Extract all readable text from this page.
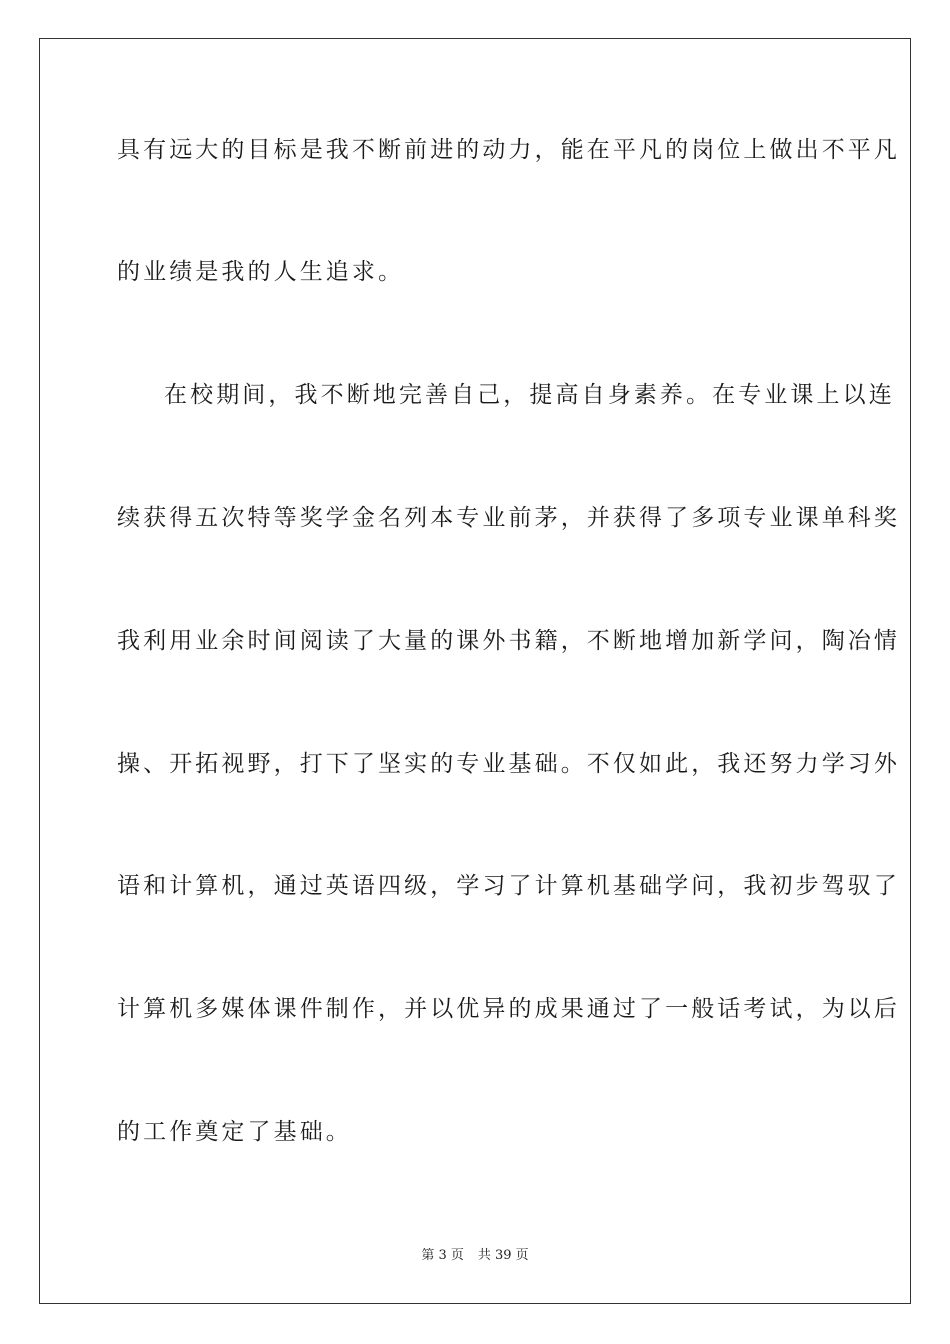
具有远大的目标是我不断前进的动力，能在平凡的岗位上做出不平凡
的业绩是我的人生追求。
在校期间，我不断地完善自己，提高自身素养。在专业课上以连
续获得五次特等奖学金名列本专业前茅，并获得了多项专业课单科奖
我利用业余时间阅读了大量的课外书籍，不断地增加新学问，陶冶情
操、开拓视野，打下了坚实的专业基础。不仅如此，我还努力学习外
语和计算机，通过英语四级，学习了计算机基础学问，我初步驾驭了
计算机多媒体课件制作，并以优异的成果通过了一般话考试，为以后
的工作奠定了基础。
第 3 页 共 39 页
